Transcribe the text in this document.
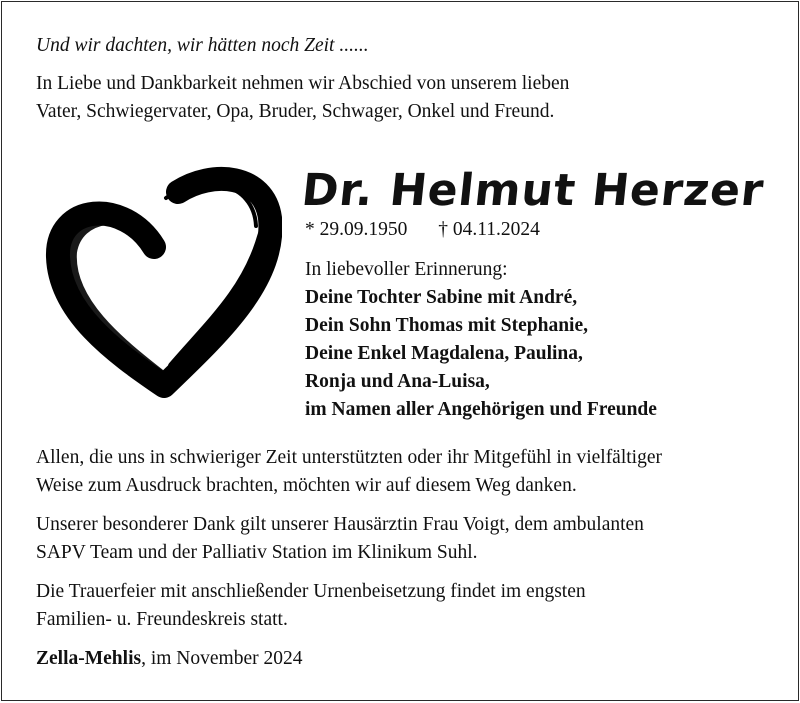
Und wir dachten, wir hätten noch Zeit ......

In Liebe und Dankbarkeit nehmen wir Abschied von unserem lieben
Vater, Schwiegervater, Opa, Bruder, Schwager, Onkel und Freund.
Dr. Helmut Herzer
* 29.09.1950 † 04.11.2024
In liebevoller Erinnerung:
Deine Tochter Sabine mit André,
Dein Sohn Thomas mit Stephanie,
Deine Enkel Magdalena, Paulina,
Ronja und Ana-Luisa,
im Namen aller Angehörigen und Freunde
Allen, die uns in schwieriger Zeit unterstützten oder ihr Mitgefühl in vielfältiger
Weise zum Ausdruck brachten, möchten wir auf diesem Weg danken.
Unserer besonderer Dank gilt unserer Hausärztin Frau Voigt, dem ambulanten
SAPV Team und der Palliativ Station im Klinikum Suhl.
Die Trauerfeier mit anschließender Urnenbeisetzung findet im engsten
Familien- u. Freundeskreis statt.
Zella-Mehlis, im November 2024
